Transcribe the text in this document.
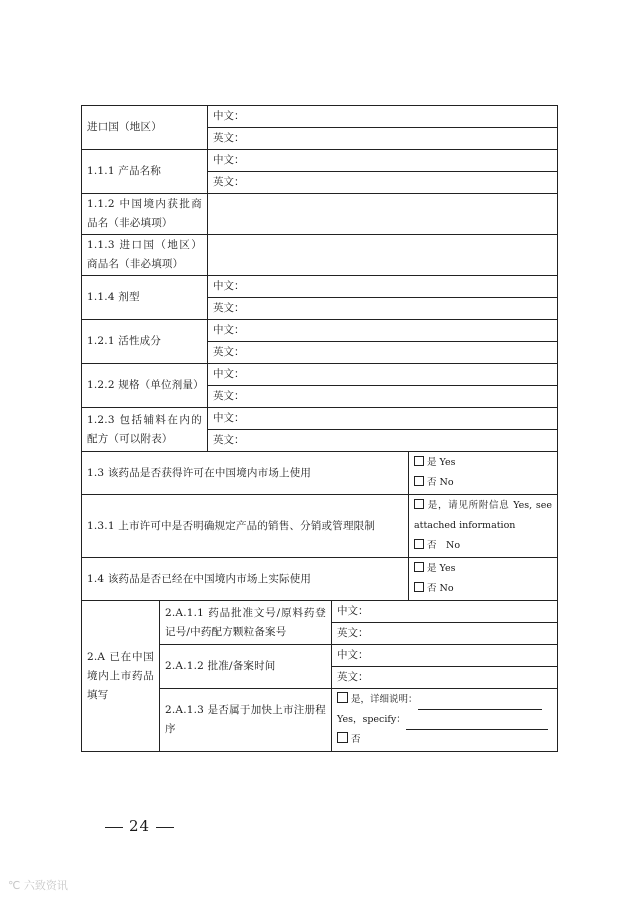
进口国（地区）		中文：		
		英文：		
1.1.1 产品名称		中文：		
		英文：		
1.1.2 中国境内获批商品名（非必填项）				
1.1.3 进口国（地区）商品名（非必填项）				
1.1.4 剂型		中文：		
		英文：		
1.2.1 活性成分		中文：		
		英文：		
1.2.2 规格（单位剂量）		中文：		
		英文：		
1.2.3 包括辅料在内的配方（可以附表）		中文：		
		英文：		
1.3 该药品是否获得许可在中国境内市场上使用				是 Yes
否 No

1.3.1 上市许可中是否明确规定产品的销售、分销或管理限制				是，请见所附信息 Yes, see attached information
否　No

1.4 该药品是否已经在中国境内市场上实际使用				是 Yes
否 No

2.A 已在中国境内上市药品填写	2.A.1.1 药品批准文号/原料药登记号/中药配方颗粒备案号		中文：	
			英文：	
	2.A.1.2 批准/备案时间		中文：	
			英文：	
	2.A.1.3 是否属于加快上市注册程序		是，详细说明：
Yes，specify：
否	
24
℃ 六致资讯
